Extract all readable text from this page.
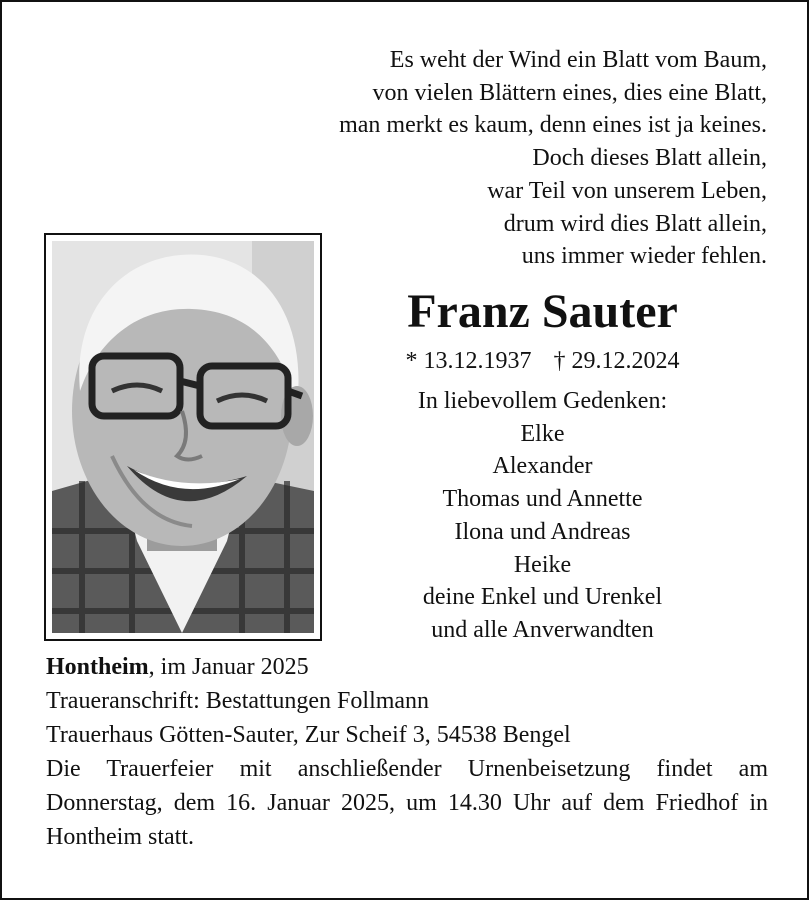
Es weht der Wind ein Blatt vom Baum,
von vielen Blättern eines, dies eine Blatt,
man merkt es kaum, denn eines ist ja keines.
Doch dieses Blatt allein,
war Teil von unserem Leben,
drum wird dies Blatt allein,
uns immer wieder fehlen.
Franz Sauter
* 13.12.1937 † 29.12.2024
In liebevollem Gedenken:
Elke
Alexander
Thomas und Annette
Ilona und Andreas
Heike
deine Enkel und Urenkel
und alle Anverwandten
Hontheim, im Januar 2025
Traueranschrift: Bestattungen Follmann
Trauerhaus Götten-Sauter, Zur Scheif 3, 54538 Bengel
Die Trauerfeier mit anschließender Urnenbeisetzung findet am Donnerstag, dem 16. Januar 2025, um 14.30 Uhr auf dem Friedhof in Hontheim statt.
